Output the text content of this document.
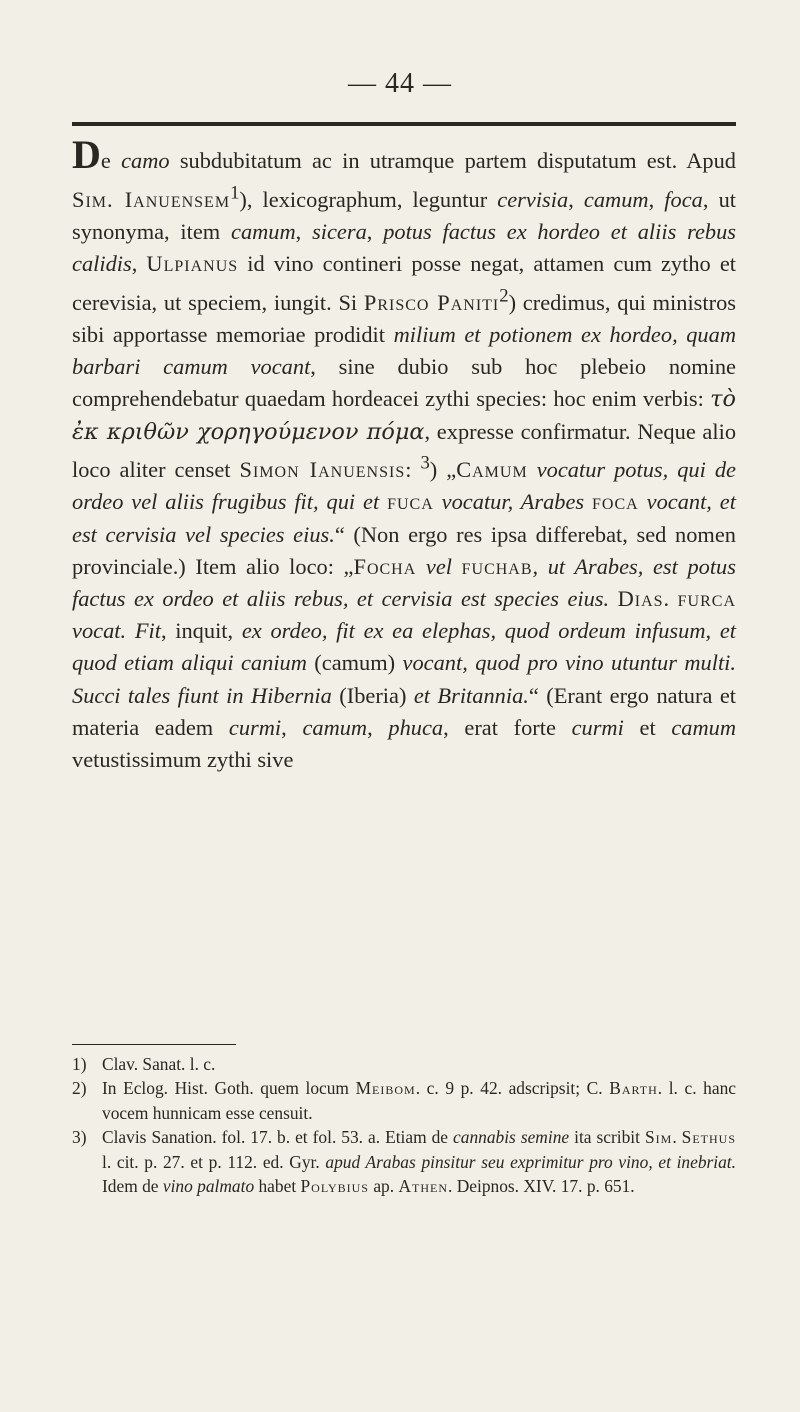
— 44 —

De camo subdubitatum ac in utramque partem disputatum est. Apud Sim. Ianuensem$^1$), lexicographum, leguntur cervisia, camum, foca, ut synonyma, item camum, sicera, potus factus ex hordeo et aliis rebus calidis, Ulpianus id vino contineri posse negat, attamen cum zytho et cerevisia, ut speciem, iungit. Si Prisco Paniti$^2$) credimus, qui ministros sibi apportasse memoriae prodidit milium et potionem ex hordeo, quam barbari camum vocant, sine dubio sub hoc plebeio nomine comprehendebatur quaedam hordeacei zythi species: hoc enim verbis: τὸ ἐκ κριθῶν χορηγούμενον πόμα, expresse confirmatur. Neque alio loco aliter censet Simon Ianuensis: $^3$) „Camum vocatur potus, qui de ordeo vel aliis frugibus fit, qui et fuca vocatur, Arabes foca vocant, et est cervisia vel species eius.“ (Non ergo res ipsa differebat, sed nomen provinciale.) Item alio loco: „Focha vel fuchab, ut Arabes, est potus factus ex ordeo et aliis rebus, et cervisia est species eius. Dias. furca vocat. Fit, inquit, ex ordeo, fit ex ea elephas, quod ordeum infusum, et quod etiam aliqui canium (camum) vocant, quod pro vino utuntur multi. Succi tales fiunt in Hibernia (Iberia) et Britannia.“ (Erant ergo natura et materia eadem curmi, camum, phuca, erat forte curmi et camum vetustissimum zythi sive

1) Clav. Sanat. l. c.

2) In Eclog. Hist. Goth. quem locum Meibom. c. 9 p. 42. adscripsit; C. Barth. l. c. hanc vocem hunnicam esse censuit.

3) Clavis Sanation. fol. 17. b. et fol. 53. a. Etiam de cannabis semine ita scribit Sim. Sethus l. cit. p. 27. et p. 112. ed. Gyr. apud Arabas pinsitur seu exprimitur pro vino, et inebriat. Idem de vino palmato habet Polybius ap. Athen. Deipnos. XIV. 17. p. 651.
